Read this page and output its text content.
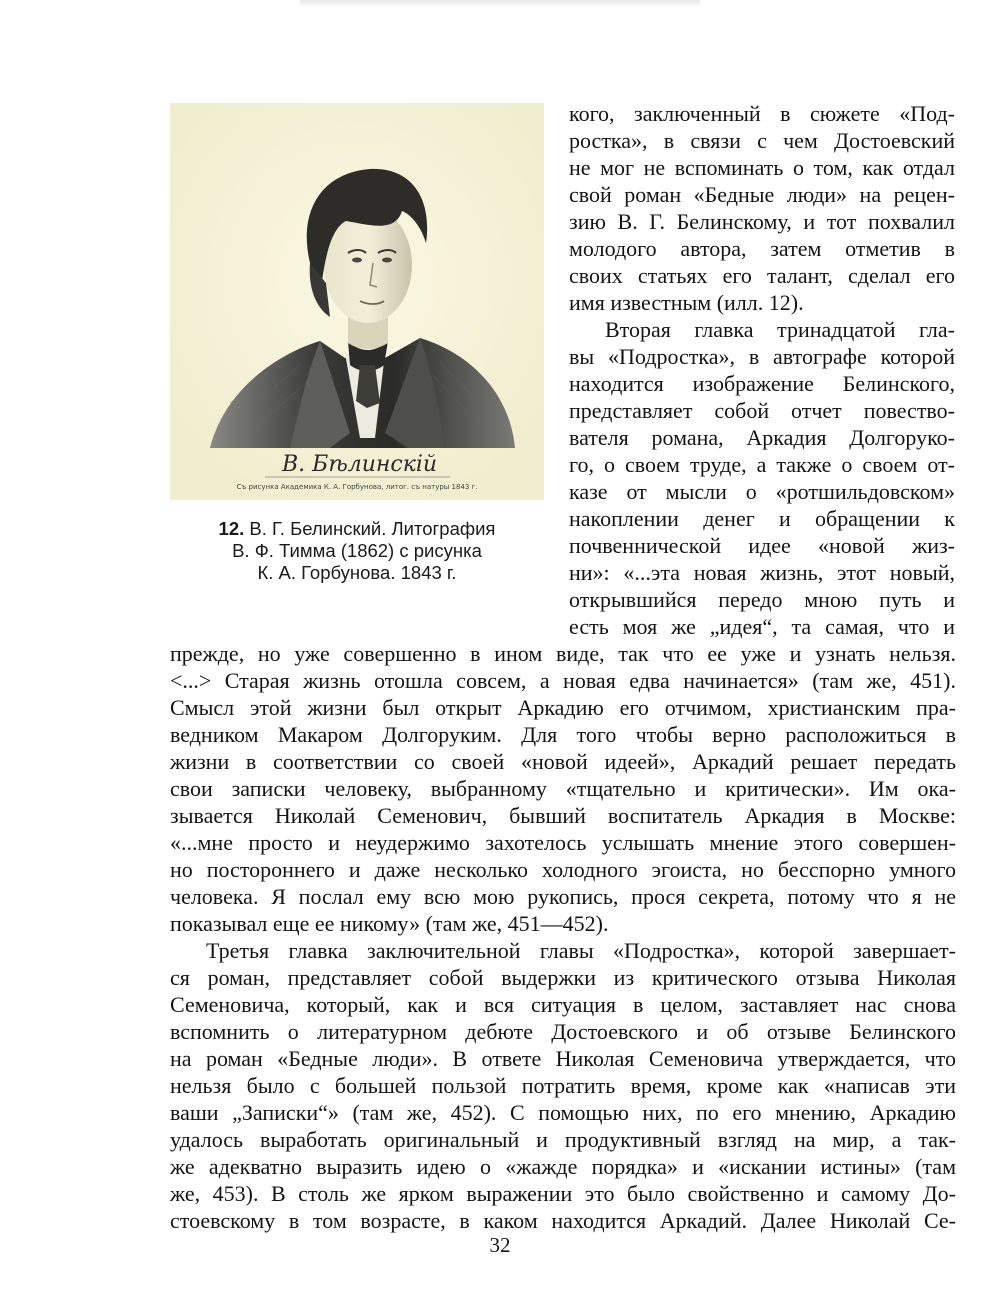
В. Бѣлинскій
Съ рисунка Академика К. А. Горбунова, литог. съ натуры 1843 г.
12. В. Г. Белинский. Литография
В. Ф. Тимма (1862) с рисунка
К. А. Горбунова. 1843 г.
кого, заключенный в сюжете «Под-
ростка», в связи с чем Достоевский
не мог не вспоминать о том, как отдал
свой роман «Бедные люди» на рецен-
зию В. Г. Белинскому, и тот похвалил
молодого автора, затем отметив в
своих статьях его талант, сделал его
имя известным (илл. 12).
Вторая главка тринадцатой гла-
вы «Подростка», в автографе которой
находится изображение Белинского,
представляет собой отчет повество-
вателя романа, Аркадия Долгоруко-
го, о своем труде, а также о своем от-
казе от мысли о «ротшильдовском»
накоплении денег и обращении к
почвеннической идее «новой жиз-
ни»: «...эта новая жизнь, этот новый,
открывшийся передо мною путь и
есть моя же „идея“, та самая, что и
прежде, но уже совершенно в ином виде, так что ее уже и узнать нельзя.
<...> Старая жизнь отошла совсем, а новая едва начинается» (там же, 451).
Смысл этой жизни был открыт Аркадию его отчимом, христианским пра-
ведником Макаром Долгоруким. Для того чтобы верно расположиться в
жизни в соответствии со своей «новой идеей», Аркадий решает передать
свои записки человеку, выбранному «тщательно и критически». Им ока-
зывается Николай Семенович, бывший воспитатель Аркадия в Москве:
«...мне просто и неудержимо захотелось услышать мнение этого совершен-
но постороннего и даже несколько холодного эгоиста, но бесспорно умного
человека. Я послал ему всю мою рукопись, прося секрета, потому что я не
показывал еще ее никому» (там же, 451—452).
Третья главка заключительной главы «Подростка», которой завершает-
ся роман, представляет собой выдержки из критического отзыва Николая
Семеновича, который, как и вся ситуация в целом, заставляет нас снова
вспомнить о литературном дебюте Достоевского и об отзыве Белинского
на роман «Бедные люди». В ответе Николая Семеновича утверждается, что
нельзя было с большей пользой потратить время, кроме как «написав эти
ваши „Записки“» (там же, 452). С помощью них, по его мнению, Аркадию
удалось выработать оригинальный и продуктивный взгляд на мир, а так-
же адекватно выразить идею о «жажде порядка» и «искании истины» (там
же, 453). В столь же ярком выражении это было свойственно и самому До-
стоевскому в том возрасте, в каком находится Аркадий. Далее Николай Се-
32
